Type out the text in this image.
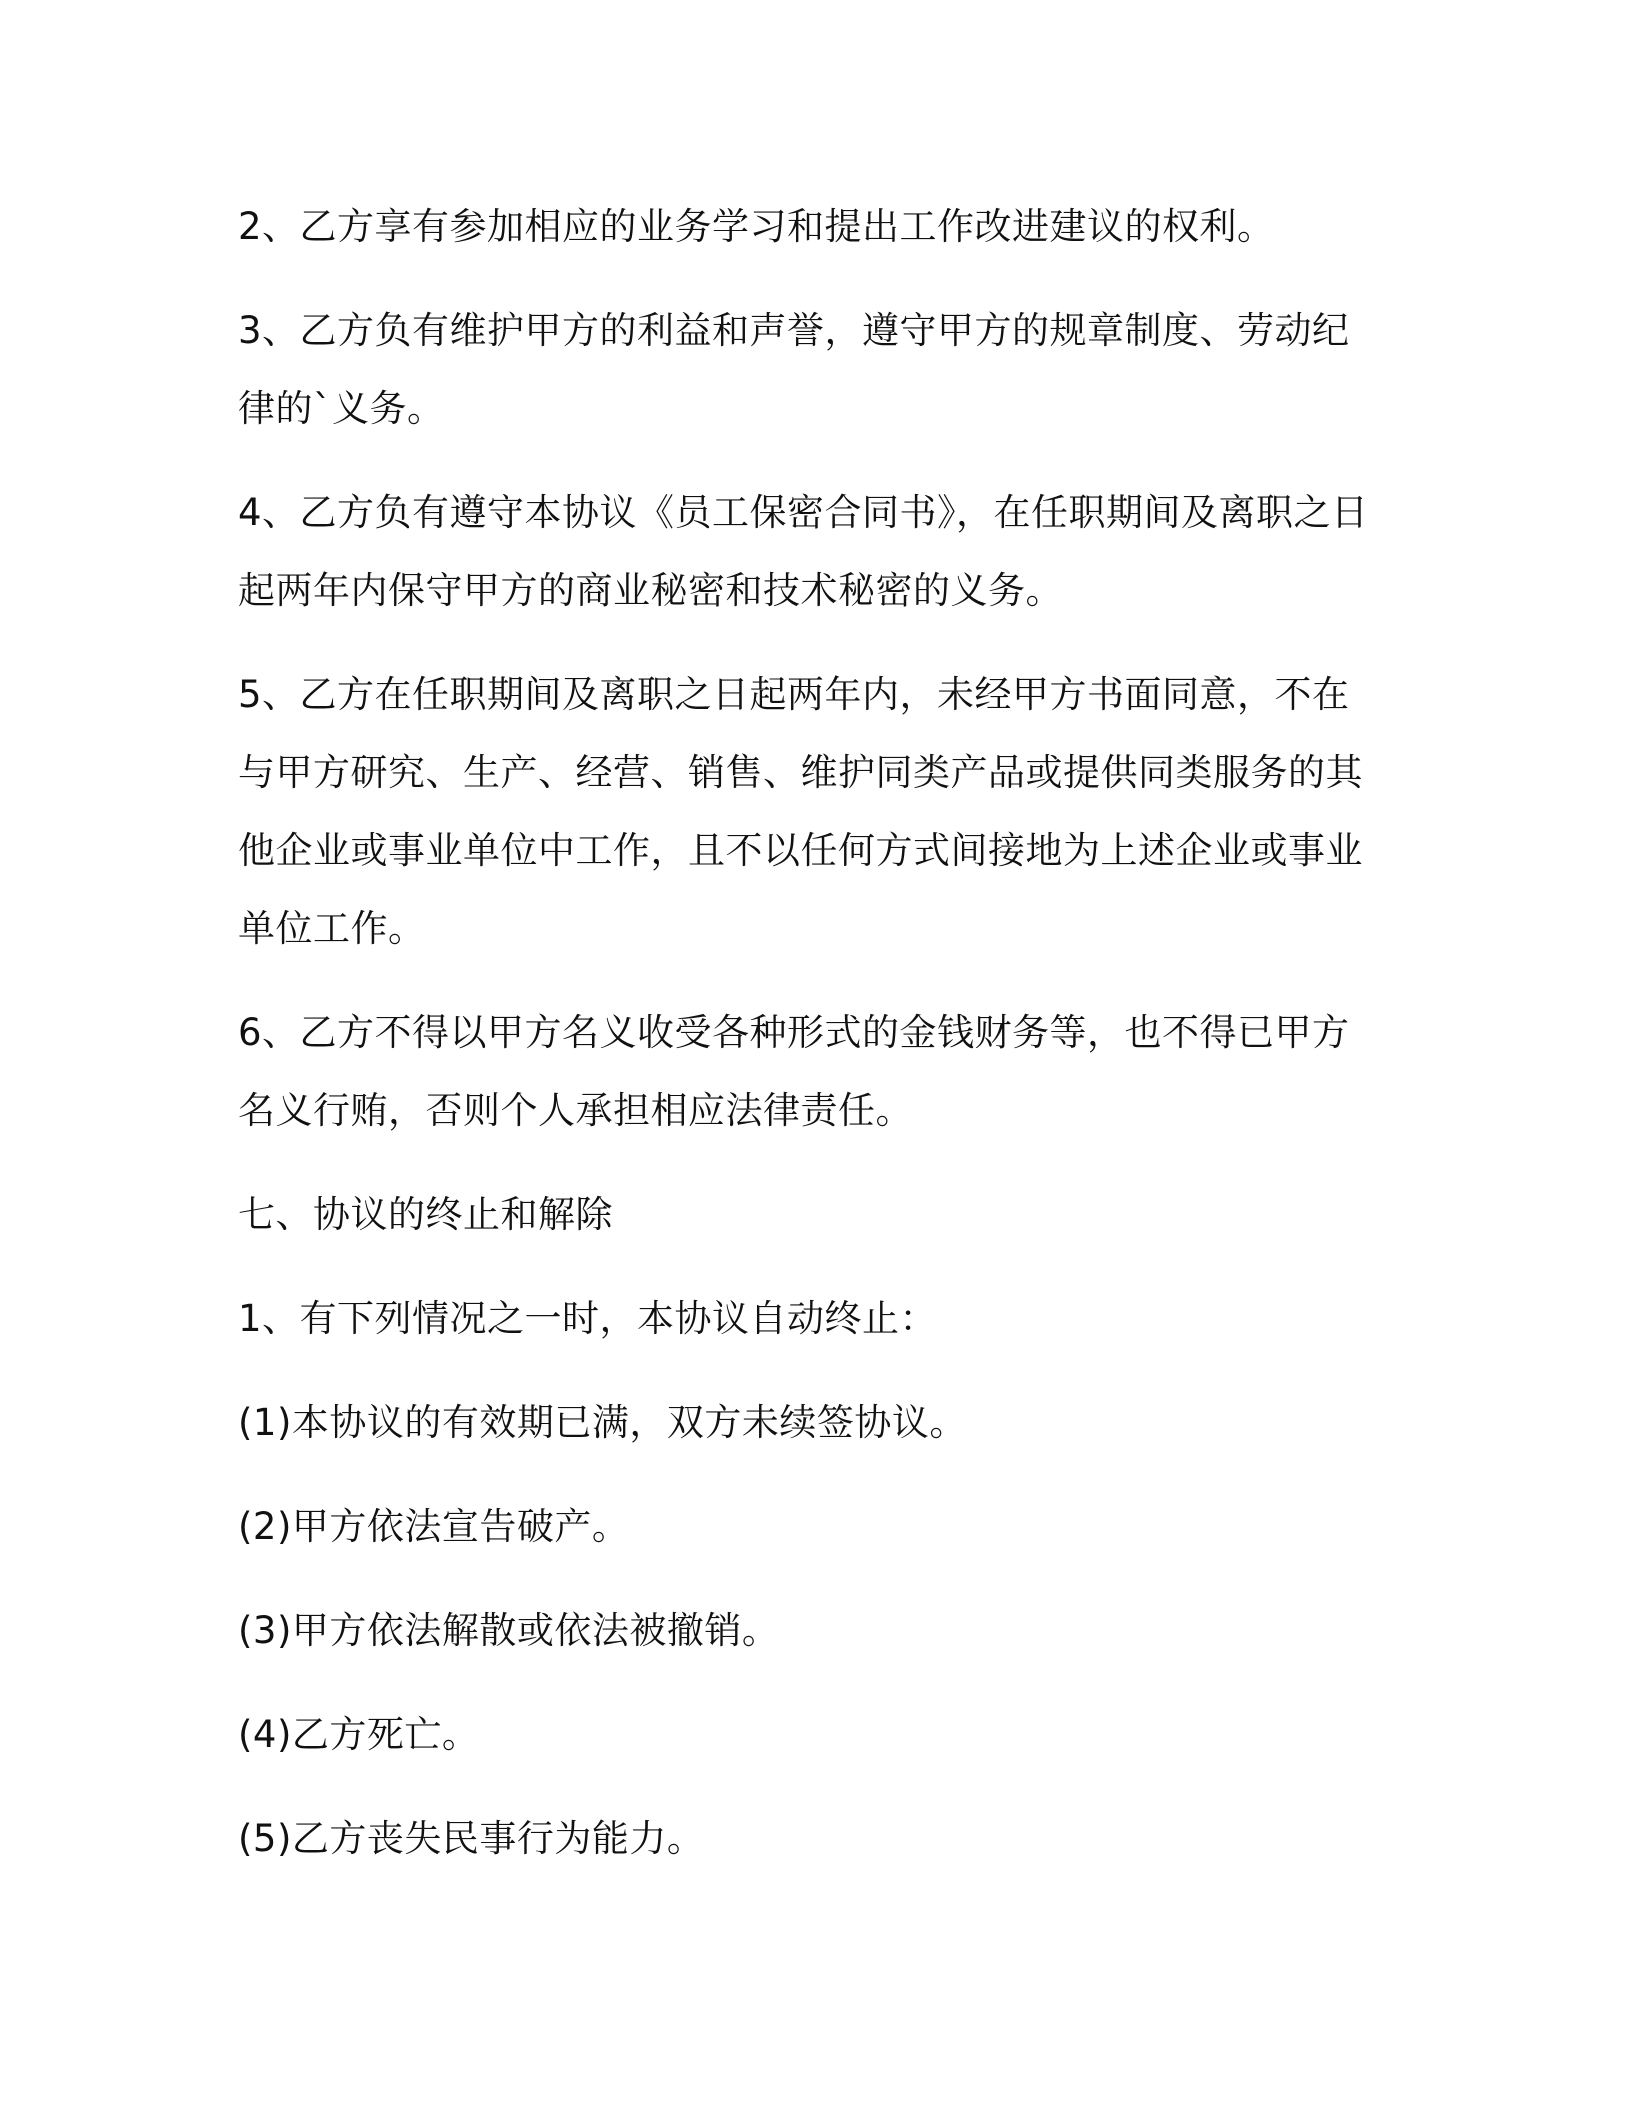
2、乙方享有参加相应的业务学习和提出工作改进建议的权利。

3、乙方负有维护甲方的利益和声誉，遵守甲方的规章制度、劳动纪律的`义务。

4、乙方负有遵守本协议《员工保密合同书》，在任职期间及离职之日起两年内保守甲方的商业秘密和技术秘密的义务。

5、乙方在任职期间及离职之日起两年内，未经甲方书面同意，不在与甲方研究、生产、经营、销售、维护同类产品或提供同类服务的其他企业或事业单位中工作，且不以任何方式间接地为上述企业或事业单位工作。

6、乙方不得以甲方名义收受各种形式的金钱财务等，也不得已甲方名义行贿，否则个人承担相应法律责任。

七、协议的终止和解除

1、有下列情况之一时，本协议自动终止：

(1)本协议的有效期已满，双方未续签协议。

(2)甲方依法宣告破产。

(3)甲方依法解散或依法被撤销。

(4)乙方死亡。

(5)乙方丧失民事行为能力。
